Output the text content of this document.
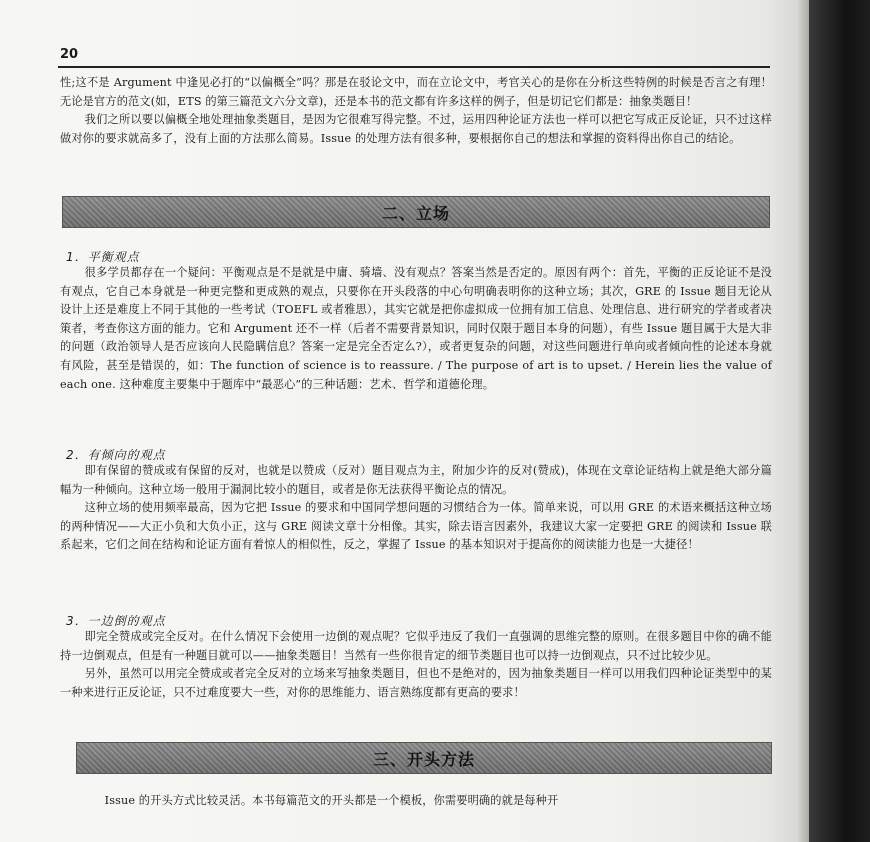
20

性;这不是 Argument 中逢见必打的“以偏概全”吗？那是在驳论文中，而在立论文中，考官关心的是你在分析这些特例的时候是否言之有理！无论是官方的范文(如，ETS 的第三篇范文六分文章)，还是本书的范文都有许多这样的例子，但是切记它们都是：抽象类题目！

我们之所以要以偏概全地处理抽象类题目，是因为它很难写得完整。不过，运用四种论证方法也一样可以把它写成正反论证，只不过这样做对你的要求就高多了，没有上面的方法那么简易。Issue 的处理方法有很多种，要根据你自己的想法和掌握的资料得出你自己的结论。

二、立场
1．平衡观点

很多学员都存在一个疑问：平衡观点是不是就是中庸、骑墙、没有观点？答案当然是否定的。原因有两个：首先，平衡的正反论证不是没有观点，它自己本身就是一种更完整和更成熟的观点，只要你在开头段落的中心句明确表明你的这种立场；其次，GRE 的 Issue 题目无论从设计上还是难度上不同于其他的一些考试（TOEFL 或者雅思），其实它就是把你虚拟成一位拥有加工信息、处理信息、进行研究的学者或者决策者，考查你这方面的能力。它和 Argument 还不一样（后者不需要背景知识，同时仅限于题目本身的问题），有些 Issue 题目属于大是大非的问题（政治领导人是否应该向人民隐瞒信息？答案一定是完全否定么?），或者更复杂的问题，对这些问题进行单向或者倾向性的论述本身就有风险，甚至是错误的，如：The function of science is to reassure. / The purpose of art is to upset. / Herein lies the value of each one. 这种难度主要集中于题库中“最恶心”的三种话题：艺术、哲学和道德伦理。

2．有倾向的观点

即有保留的赞成或有保留的反对，也就是以赞成（反对）题目观点为主，附加少许的反对(赞成)，体现在文章论证结构上就是绝大部分篇幅为一种倾向。这种立场一般用于漏洞比较小的题目，或者是你无法获得平衡论点的情况。

这种立场的使用频率最高，因为它把 Issue 的要求和中国同学想问题的习惯结合为一体。简单来说，可以用 GRE 的术语来概括这种立场的两种情况——大正小负和大负小正，这与 GRE 阅读文章十分相像。其实，除去语言因素外，我建议大家一定要把 GRE 的阅读和 Issue 联系起来，它们之间在结构和论证方面有着惊人的相似性，反之，掌握了 Issue 的基本知识对于提高你的阅读能力也是一大捷径！

3．一边倒的观点

即完全赞成或完全反对。在什么情况下会使用一边倒的观点呢？它似乎违反了我们一直强调的思维完整的原则。在很多题目中你的确不能持一边倒观点，但是有一种题目就可以——抽象类题目！当然有一些你很肯定的细节类题目也可以持一边倒观点，只不过比较少见。

另外，虽然可以用完全赞成或者完全反对的立场来写抽象类题目，但也不是绝对的，因为抽象类题目一样可以用我们四种论证类型中的某一种来进行正反论证，只不过难度要大一些，对你的思维能力、语言熟练度都有更高的要求！

三、开头方法

Issue 的开头方式比较灵活。本书每篇范文的开头都是一个模板，你需要明确的就是每种开
